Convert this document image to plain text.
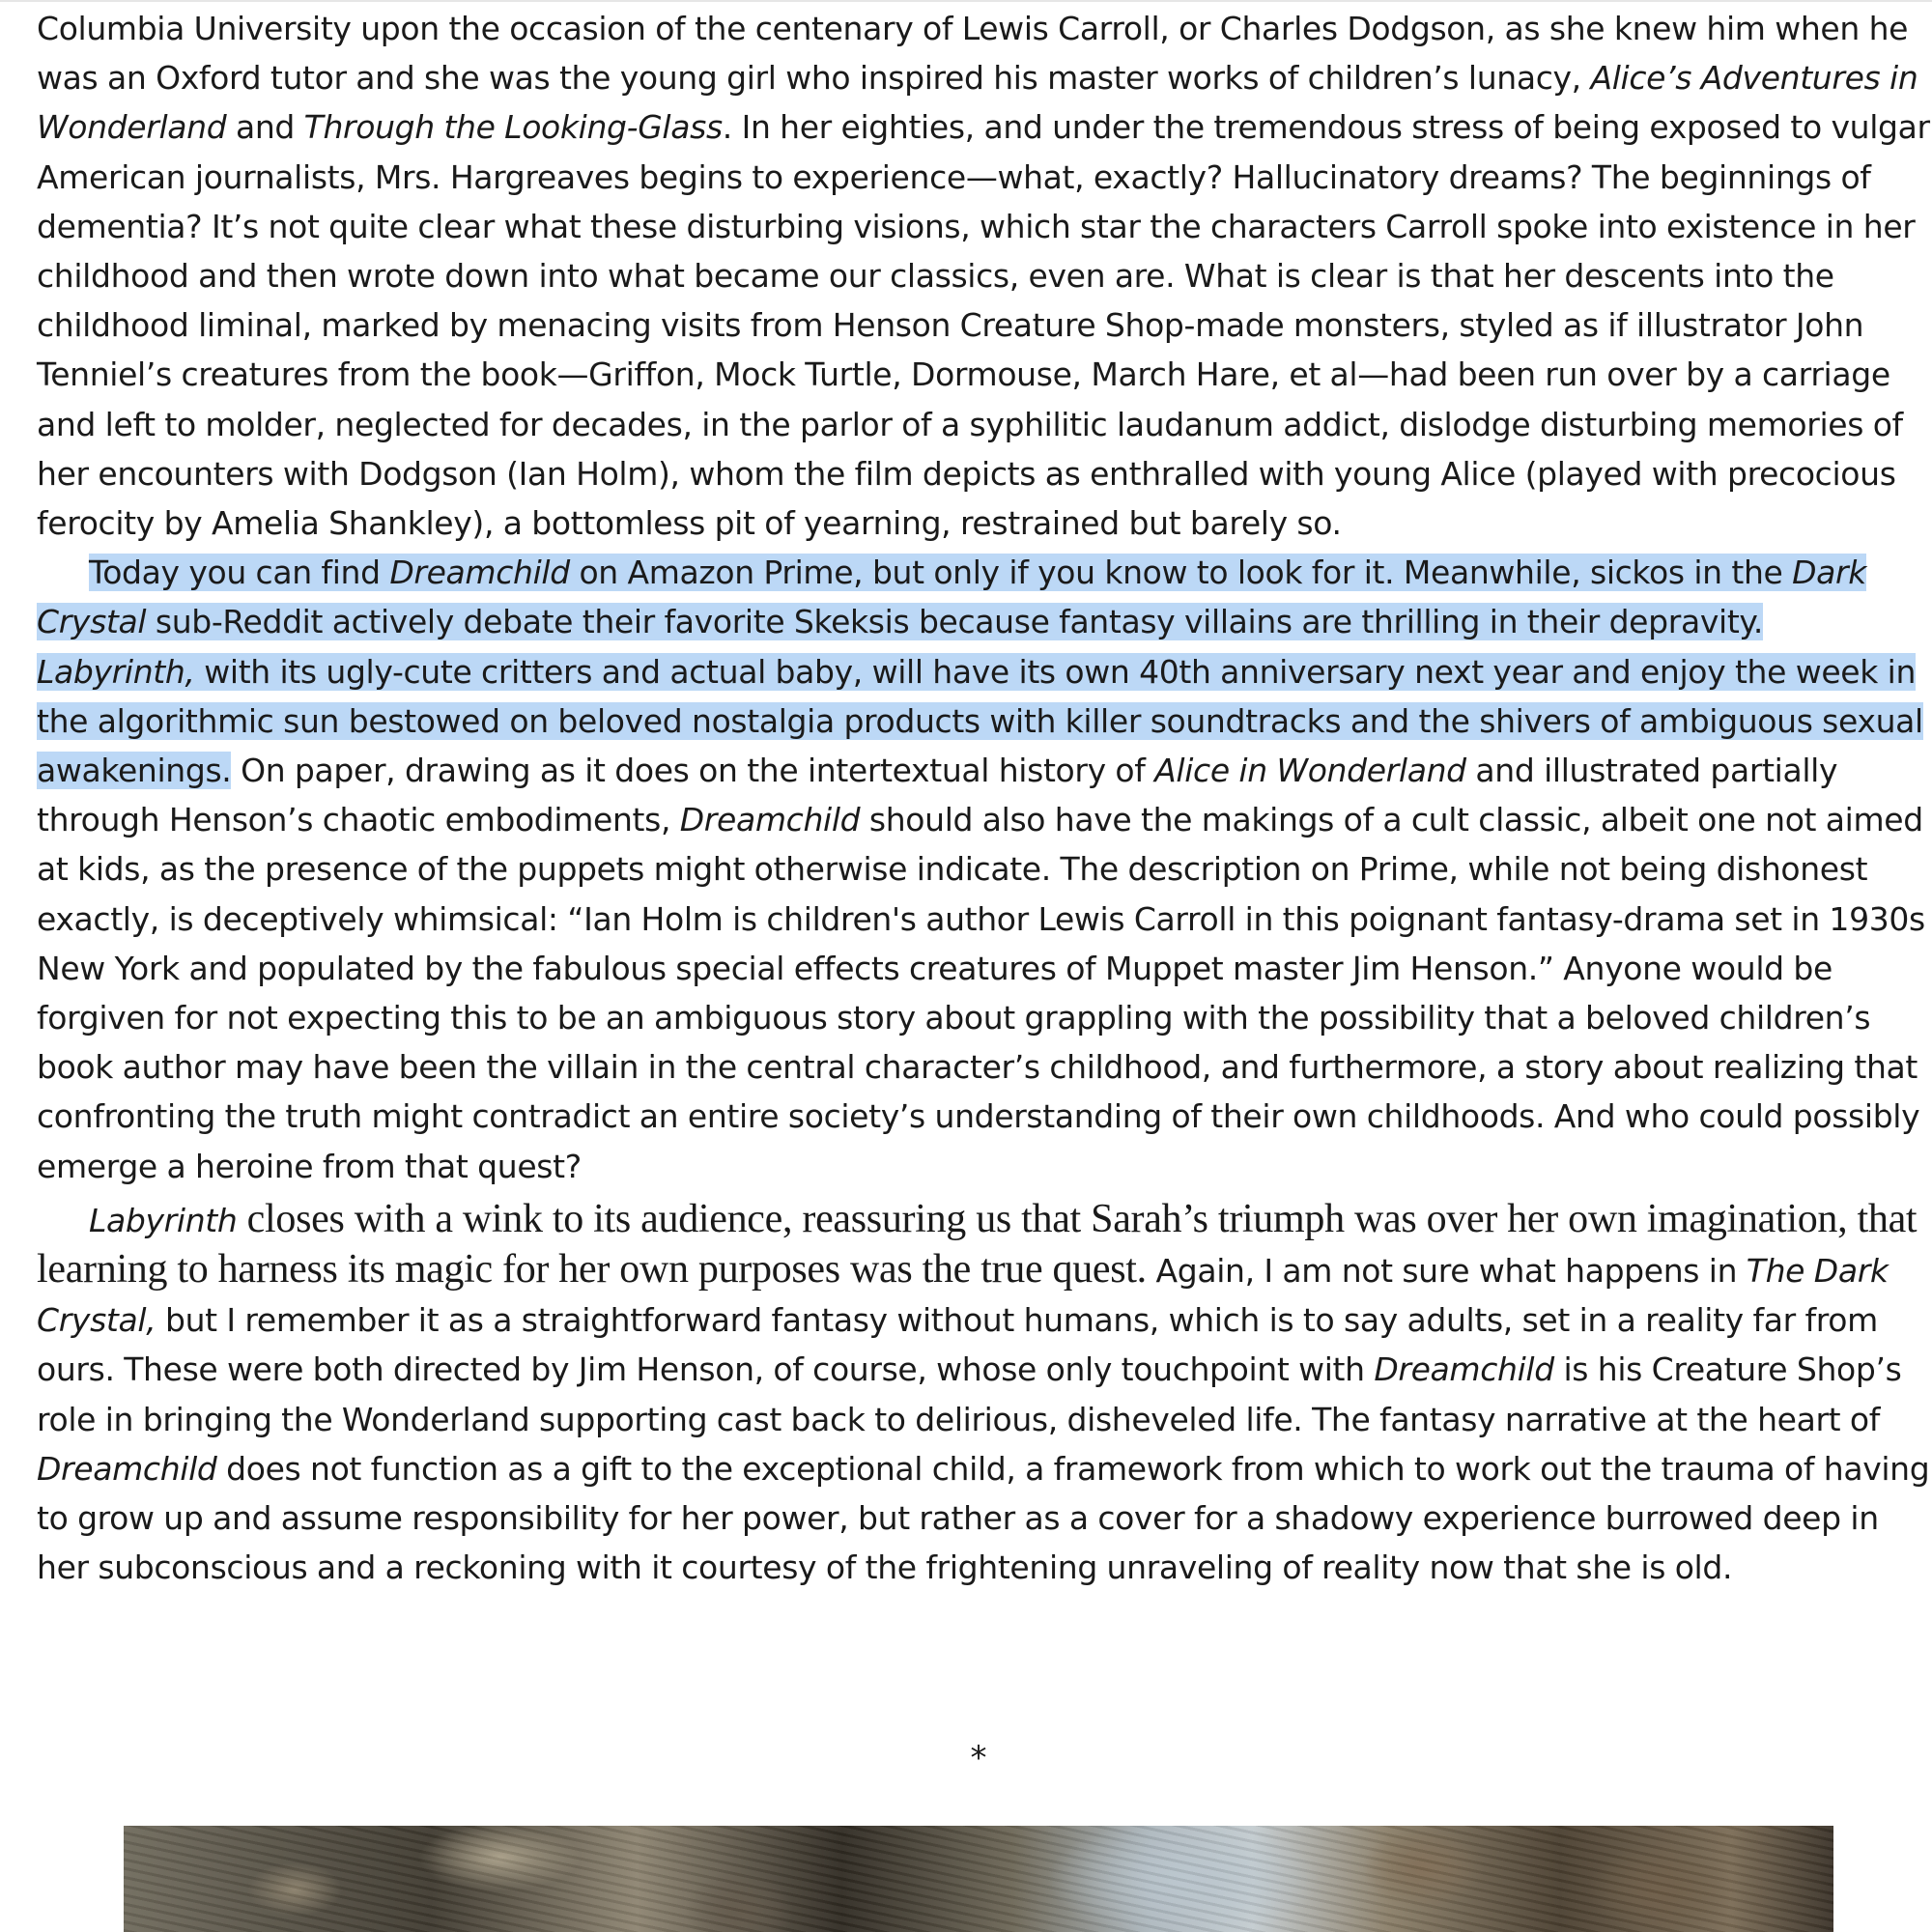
Columbia University upon the occasion of the centenary of Lewis Carroll, or Charles Dodgson, as she knew him when he was an Oxford tutor and she was the young girl who inspired his master works of children’s lunacy, Alice’s Adventures in Wonderland and Through the Looking-Glass. In her eighties, and under the tremendous stress of being exposed to vulgar American journalists, Mrs. Hargreaves begins to experience—what, exactly? Hallucinatory dreams? The beginnings of dementia? It’s not quite clear what these disturbing visions, which star the characters Carroll spoke into existence in her childhood and then wrote down into what became our classics, even are. What is clear is that her descents into the childhood liminal, marked by menacing visits from Henson Creature Shop-made monsters, styled as if illustrator John Tenniel’s creatures from the book—Griffon, Mock Turtle, Dormouse, March Hare, et al—had been run over by a carriage and left to molder, neglected for decades, in the parlor of a syphilitic laudanum addict, dislodge disturbing memories of her encounters with Dodgson (Ian Holm), whom the film depicts as enthralled with young Alice (played with precocious ferocity by Amelia Shankley), a bottomless pit of yearning, restrained but barely so.

Today you can find Dreamchild on Amazon Prime, but only if you know to look for it. Meanwhile, sickos in the Dark Crystal sub-Reddit actively debate their favorite Skeksis because fantasy villains are thrilling in their depravity. Labyrinth, with its ugly-cute critters and actual baby, will have its own 40th anniversary next year and enjoy the week in the algorithmic sun bestowed on beloved nostalgia products with killer soundtracks and the shivers of ambiguous sexual awakenings. On paper, drawing as it does on the intertextual history of Alice in Wonderland and illustrated partially through Henson’s chaotic embodiments, Dreamchild should also have the makings of a cult classic, albeit one not aimed at kids, as the presence of the puppets might otherwise indicate. The description on Prime, while not being dishonest exactly, is deceptively whimsical: “Ian Holm is children's author Lewis Carroll in this poignant fantasy-drama set in 1930s New York and populated by the fabulous special effects creatures of Muppet master Jim Henson.” Anyone would be forgiven for not expecting this to be an ambiguous story about grappling with the possibility that a beloved children’s book author may have been the villain in the central character’s childhood, and furthermore, a story about realizing that confronting the truth might contradict an entire society’s understanding of their own childhoods. And who could possibly emerge a heroine from that quest?

Labyrinth closes with a wink to its audience, reassuring us that Sarah’s triumph was over her own imagination, that learning to harness its magic for her own purposes was the true quest. Again, I am not sure what happens in The Dark Crystal, but I remember it as a straightforward fantasy without humans, which is to say adults, set in a reality far from ours. These were both directed by Jim Henson, of course, whose only touchpoint with Dreamchild is his Creature Shop’s role in bringing the Wonderland supporting cast back to delirious, disheveled life. The fantasy narrative at the heart of Dreamchild does not function as a gift to the exceptional child, a framework from which to work out the trauma of having to grow up and assume responsibility for her power, but rather as a cover for a shadowy experience burrowed deep in her subconscious and a reckoning with it courtesy of the frightening unraveling of reality now that she is old.

*
